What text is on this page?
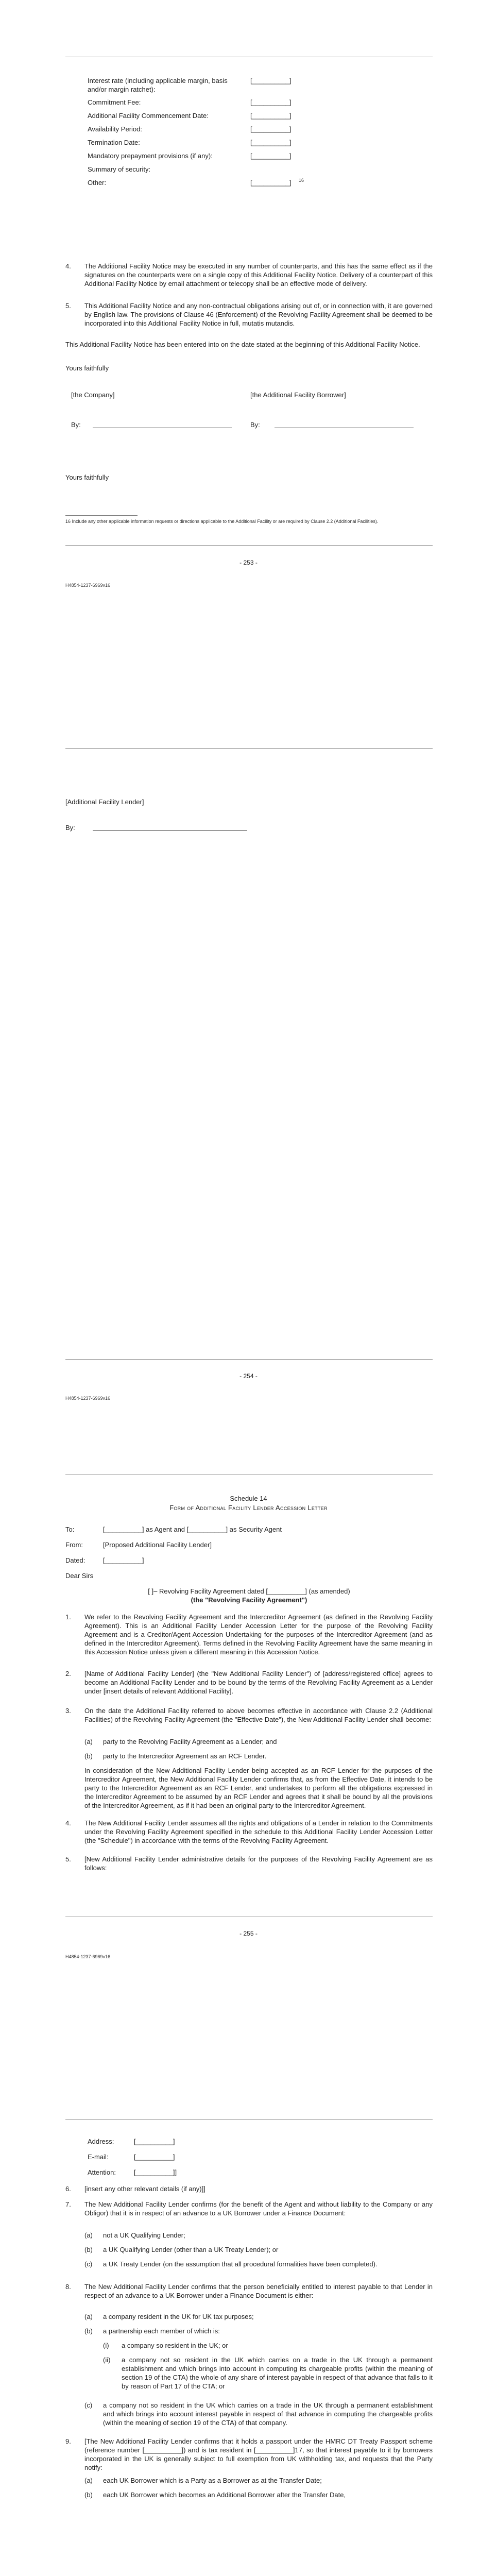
Interest rate (including applicable margin, basis and/or margin ratchet):
[__________]
Commitment Fee:	[__________]
Additional Facility Commencement Date:	[__________]
Availability Period:	[__________]
Termination Date:	[__________]
Mandatory prepayment provisions (if any):	[__________]
Summary of security:
Other:	[__________] 16
4. The Additional Facility Notice may be executed in any number of counterparts, and this has the same effect as if the signatures on the counterparts were on a single copy of this Additional Facility Notice. Delivery of a counterpart of this Additional Facility Notice by email attachment or telecopy shall be an effective mode of delivery.
5. This Additional Facility Notice and any non-contractual obligations arising out of, or in connection with, it are governed by English law. The provisions of Clause 46 (Enforcement) of the Revolving Facility Agreement shall be deemed to be incorporated into this Additional Facility Notice in full, mutatis mutandis.
This Additional Facility Notice has been entered into on the date stated at the beginning of this Additional Facility Notice.
Yours faithfully
[the Company]	[the Additional Facility Borrower]
By:	By:
Yours faithfully
16 Include any other applicable information requests or directions applicable to the Additional Facility or are required by Clause 2.2 (Additional Facilities).
- 253 -
H4854-1237-6969v16
[Additional Facility Lender]
By:
- 254 -
H4854-1237-6969v16
Schedule 14
Form of Additional Facility Lender Accession Letter
To:	[__________] as Agent and [__________] as Security Agent
From:	[Proposed Additional Facility Lender]
Dated:	[__________]
Dear Sirs
[ ]– Revolving Facility Agreement dated [__________] (as amended)
(the "Revolving Facility Agreement")
1. We refer to the Revolving Facility Agreement and the Intercreditor Agreement (as defined in the Revolving Facility Agreement). This is an Additional Facility Lender Accession Letter for the purpose of the Revolving Facility Agreement and is a Creditor/Agent Accession Undertaking for the purposes of the Intercreditor Agreement (and as defined in the Intercreditor Agreement). Terms defined in the Revolving Facility Agreement have the same meaning in this Accession Notice unless given a different meaning in this Accession Notice.
2. [Name of Additional Facility Lender] (the "New Additional Facility Lender") of [address/registered office] agrees to become an Additional Facility Lender and to be bound by the terms of the Revolving Facility Agreement as a Lender under [insert details of relevant Additional Facility].
3. On the date the Additional Facility referred to above becomes effective in accordance with Clause 2.2 (Additional Facilities) of the Revolving Facility Agreement (the "Effective Date"), the New Additional Facility Lender shall become:
(a) party to the Revolving Facility Agreement as a Lender; and
(b) party to the Intercreditor Agreement as an RCF Lender.
In consideration of the New Additional Facility Lender being accepted as an RCF Lender for the purposes of the Intercreditor Agreement, the New Additional Facility Lender confirms that, as from the Effective Date, it intends to be party to the Intercreditor Agreement as an RCF Lender, and undertakes to perform all the obligations expressed in the Intercreditor Agreement to be assumed by an RCF Lender and agrees that it shall be bound by all the provisions of the Intercreditor Agreement, as if it had been an original party to the Intercreditor Agreement.
4. The New Additional Facility Lender assumes all the rights and obligations of a Lender in relation to the Commitments under the Revolving Facility Agreement specified in the schedule to this Additional Facility Lender Accession Letter (the "Schedule") in accordance with the terms of the Revolving Facility Agreement.
5. [New Additional Facility Lender administrative details for the purposes of the Revolving Facility Agreement are as follows:
- 255 -
H4854-1237-6969v16
Address:	[__________]
E-mail:	[__________]
Attention:	[__________]]
6. [insert any other relevant details (if any)]]
7. The New Additional Facility Lender confirms (for the benefit of the Agent and without liability to the Company or any Obligor) that it is in respect of an advance to a UK Borrower under a Finance Document:
(a) not a UK Qualifying Lender;
(b) a UK Qualifying Lender (other than a UK Treaty Lender); or
(c) a UK Treaty Lender (on the assumption that all procedural formalities have been completed).
8. The New Additional Facility Lender confirms that the person beneficially entitled to interest payable to that Lender in respect of an advance to a UK Borrower under a Finance Document is either:
(a) a company resident in the UK for UK tax purposes;
(b) a partnership each member of which is:
(i) a company so resident in the UK; or
(ii) a company not so resident in the UK which carries on a trade in the UK through a permanent establishment and which brings into account in computing its chargeable profits (within the meaning of section 19 of the CTA) the whole of any share of interest payable in respect of that advance that falls to it by reason of Part 17 of the CTA; or
(c) a company not so resident in the UK which carries on a trade in the UK through a permanent establishment and which brings into account interest payable in respect of that advance in computing the chargeable profits (within the meaning of section 19 of the CTA) of that company.
9. [The New Additional Facility Lender confirms that it holds a passport under the HMRC DT Treaty Passport scheme (reference number [__________]) and is tax resident in [__________]17, so that interest payable to it by borrowers incorporated in the UK is generally subject to full exemption from UK withholding tax, and requests that the Party notify:
(a) each UK Borrower which is a Party as a Borrower as at the Transfer Date;
(b) each UK Borrower which becomes an Additional Borrower after the Transfer Date,
